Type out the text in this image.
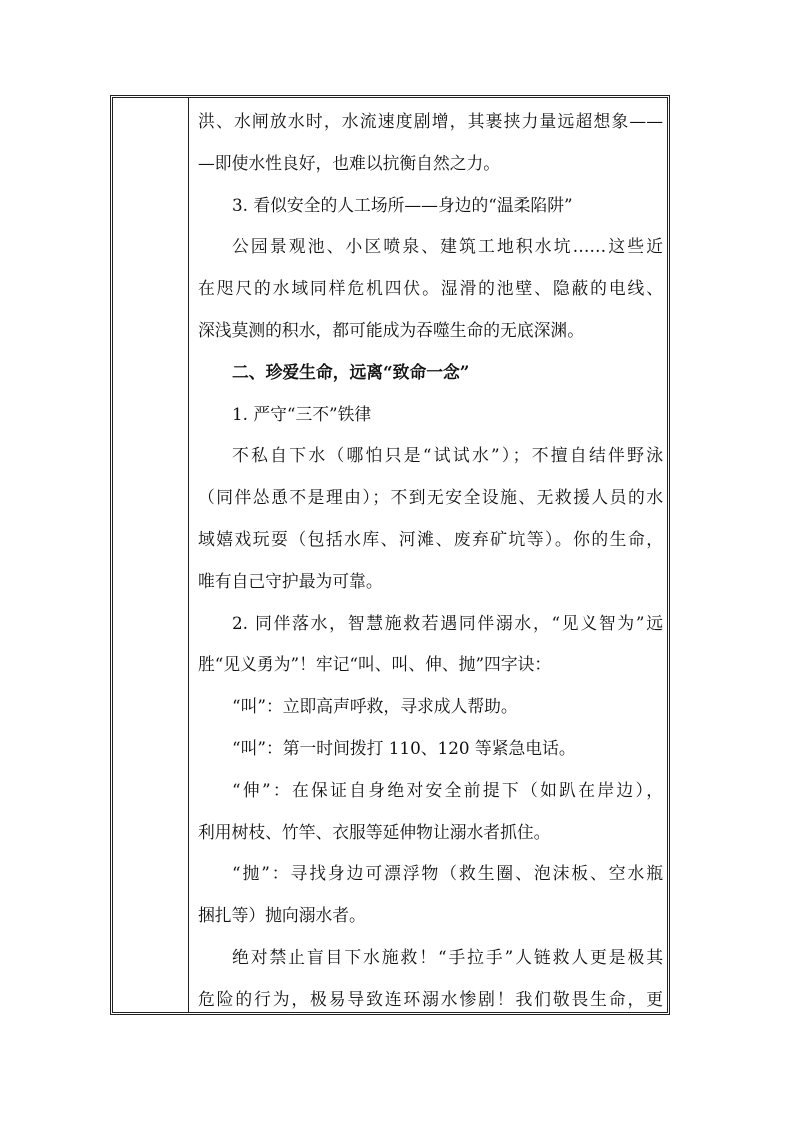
洪、水闸放水时，水流速度剧增，其裹挟力量远超想象——
—即使水性良好，也难以抗衡自然之力。
3. 看似安全的人工场所——身边的“温柔陷阱”
公园景观池、小区喷泉、建筑工地积水坑……这些近
在咫尺的水域同样危机四伏。湿滑的池壁、隐蔽的电线、
深浅莫测的积水，都可能成为吞噬生命的无底深渊。
二、珍爱生命，远离“致命一念”
1. 严守“三不”铁律
不私自下水（哪怕只是“试试水”）；不擅自结伴野泳
（同伴怂恿不是理由）；不到无安全设施、无救援人员的水
域嬉戏玩耍（包括水库、河滩、废弃矿坑等）。你的生命，
唯有自己守护最为可靠。
2. 同伴落水，智慧施救若遇同伴溺水，“见义智为”远
胜“见义勇为”！牢记“叫、叫、伸、抛”四字诀：
“叫”：立即高声呼救，寻求成人帮助。
“叫”：第一时间拨打 110、120 等紧急电话。
“伸”：在保证自身绝对安全前提下（如趴在岸边），
利用树枝、竹竿、衣服等延伸物让溺水者抓住。
“抛”：寻找身边可漂浮物（救生圈、泡沫板、空水瓶
捆扎等）抛向溺水者。
绝对禁止盲目下水施救！“手拉手”人链救人更是极其
危险的行为，极易导致连环溺水惨剧！我们敬畏生命，更
